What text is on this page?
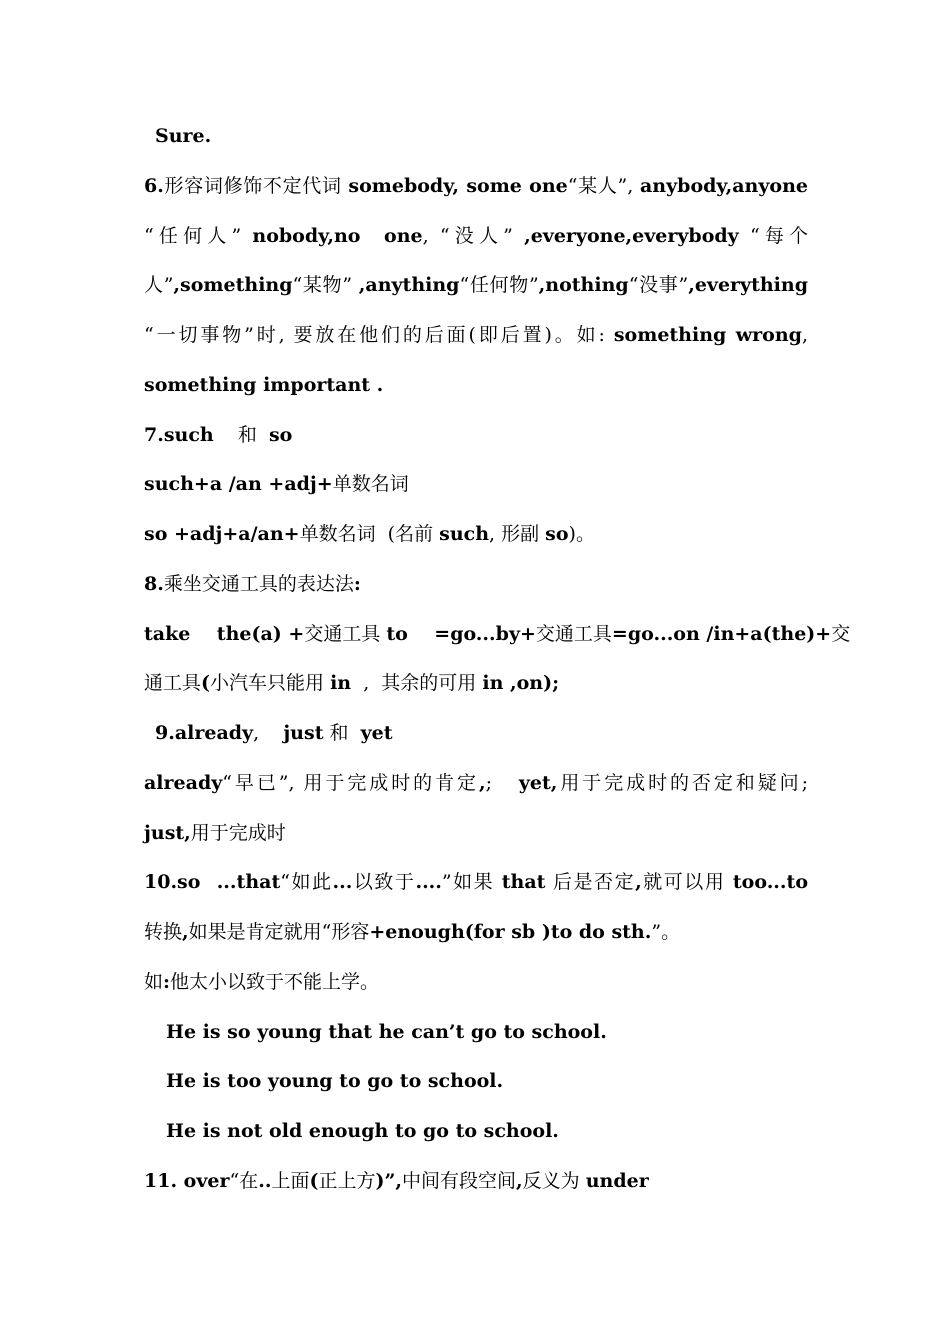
Sure.
6.形容词修饰不定代词 somebody, some one“某人”, anybody,anyone
“任何人” nobody,no  one, “没人” ,everyone,everybody “每个
人”,something“某物” ,anything“任何物”,nothing“没事”,everything
“一切事物”时, 要放在他们的后面(即后置)。如: something wrong,
something important .
7.such    和  so
such+a /an +adj+单数名词
so +adj+a/an+单数名词  (名前 such, 形副 so)。
8.乘坐交通工具的表达法:
take    the(a) +交通工具 to    =go...by+交通工具=go...on /in+a(the)+交
通工具(小汽车只能用 in  ,  其余的可用 in ,on);
9.already,    just 和  yet
already“早已”, 用于完成时的肯定,;   yet,用于完成时的否定和疑问;
just,用于完成时
10.so  ...that“如此...以致于....”如果 that 后是否定,就可以用 too...to
转换,如果是肯定就用“形容+enough(for sb )to do sth.”。
如:他太小以致于不能上学。
He is so young that he can’t go to school.
He is too young to go to school.
He is not old enough to go to school.
11. over“在..上面(正上方)”,中间有段空间,反义为 under
